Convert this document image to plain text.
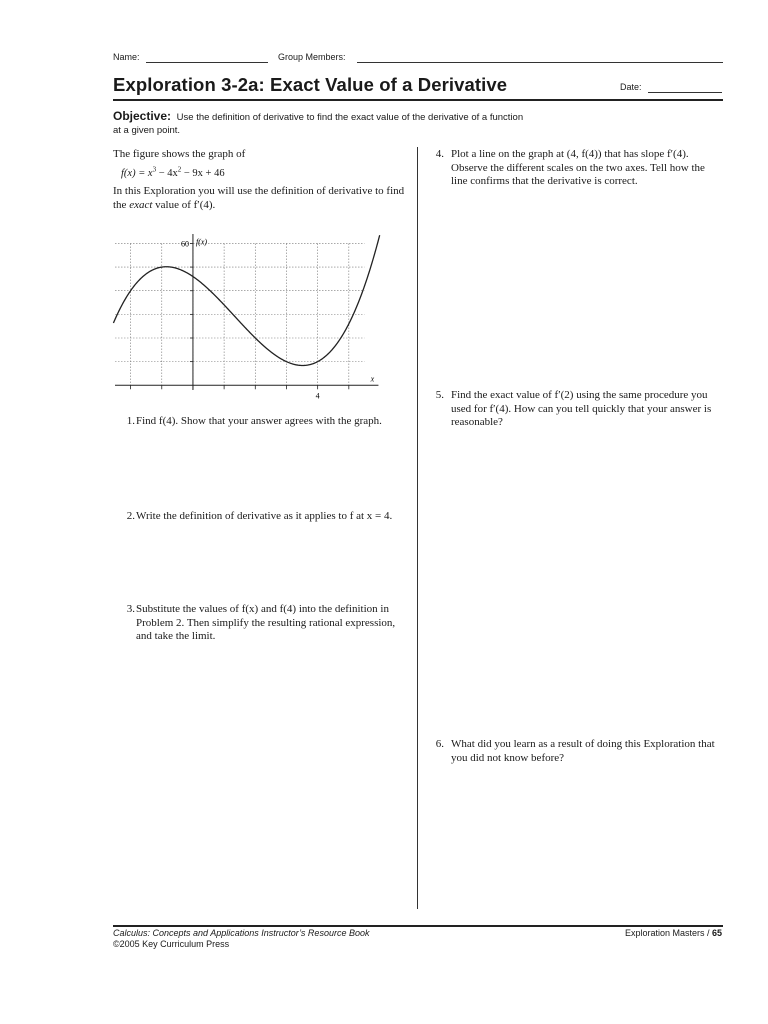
Name:	Group Members:
Exploration 3-2a: Exact Value of a Derivative	Date:
Objective: Use the definition of derivative to find the exact value of the derivative of a function at a given point.
The figure shows the graph of
$f(x) = x^3 - 4x^2 - 9x + 46$
In this Exploration you will use the definition of derivative to find the exact value of f′(4).
60 f(x)
4
x
1. Find f(4). Show that your answer agrees with the graph.
2. Write the definition of derivative as it applies to f at x = 4.
3. Substitute the values of f(x) and f(4) into the definition in Problem 2. Then simplify the resulting rational expression, and take the limit.
4. Plot a line on the graph at (4, f(4)) that has slope f′(4). Observe the different scales on the two axes. Tell how the line confirms that the derivative is correct.
5. Find the exact value of f′(2) using the same procedure you used for f′(4). How can you tell quickly that your answer is reasonable?
6. What did you learn as a result of doing this Exploration that you did not know before?
Calculus: Concepts and Applications Instructor’s Resource Book
©2005 Key Curriculum Press
Exploration Masters / 65
